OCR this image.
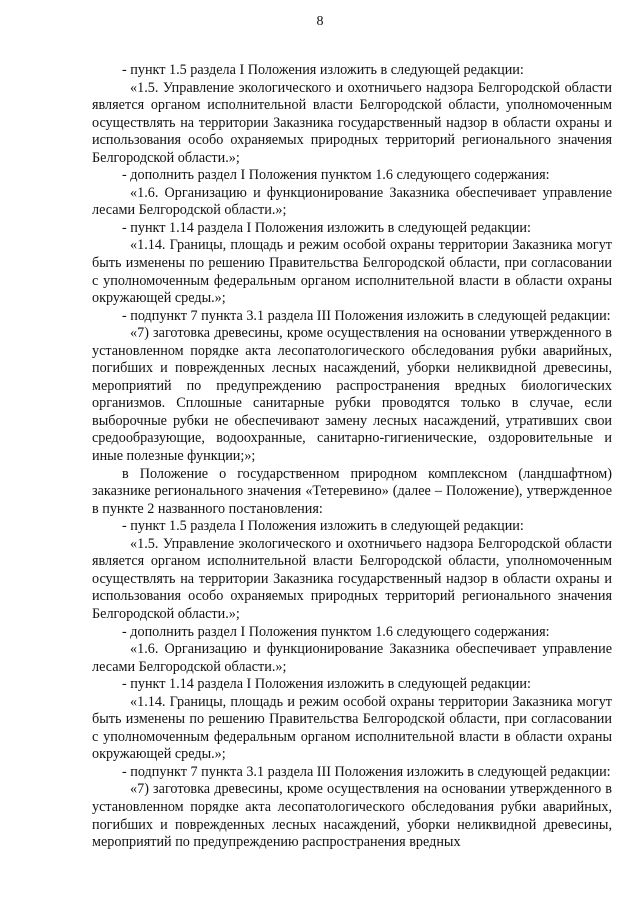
8

- пункт 1.5 раздела I Положения изложить в следующей редакции:

«1.5. Управление экологического и охотничьего надзора Белгородской области является органом исполнительной власти Белгородской области, уполномоченным осуществлять на территории Заказника государственный надзор в области охраны и использования особо охраняемых природных территорий регионального значения Белгородской области.»;

- дополнить раздел I Положения пунктом 1.6 следующего содержания:

«1.6. Организацию и функционирование Заказника обеспечивает управление лесами Белгородской области.»;

- пункт 1.14 раздела I Положения изложить в следующей редакции:

«1.14. Границы, площадь и режим особой охраны территории Заказника могут быть изменены по решению Правительства Белгородской области, при согласовании с уполномоченным федеральным органом исполнительной власти в области охраны окружающей среды.»;

- подпункт 7 пункта 3.1 раздела III Положения изложить в следующей редакции:

«7) заготовка древесины, кроме осуществления на основании утвержденного в установленном порядке акта лесопатологического обследования рубки аварийных, погибших и поврежденных лесных насаждений, уборки неликвидной древесины, мероприятий по предупреждению распространения вредных биологических организмов. Сплошные санитарные рубки проводятся только в случае, если выборочные рубки не обеспечивают замену лесных насаждений, утративших свои средообразующие, водоохранные, санитарно-гигиенические, оздоровительные и иные полезные функции;»;

в Положение о государственном природном комплексном (ландшафтном) заказнике регионального значения «Тетеревино» (далее – Положение), утвержденное в пункте 2 названного постановления:

- пункт 1.5 раздела I Положения изложить в следующей редакции:

«1.5. Управление экологического и охотничьего надзора Белгородской области является органом исполнительной власти Белгородской области, уполномоченным осуществлять на территории Заказника государственный надзор в области охраны и использования особо охраняемых природных территорий регионального значения Белгородской области.»;

- дополнить раздел I Положения пунктом 1.6 следующего содержания:

«1.6. Организацию и функционирование Заказника обеспечивает управление лесами Белгородской области.»;

- пункт 1.14 раздела I Положения изложить в следующей редакции:

«1.14. Границы, площадь и режим особой охраны территории Заказника могут быть изменены по решению Правительства Белгородской области, при согласовании с уполномоченным федеральным органом исполнительной власти в области охраны окружающей среды.»;

- подпункт 7 пункта 3.1 раздела III Положения изложить в следующей редакции:

«7) заготовка древесины, кроме осуществления на основании утвержденного в установленном порядке акта лесопатологического обследования рубки аварийных, погибших и поврежденных лесных насаждений, уборки неликвидной древесины, мероприятий по предупреждению распространения вредных
